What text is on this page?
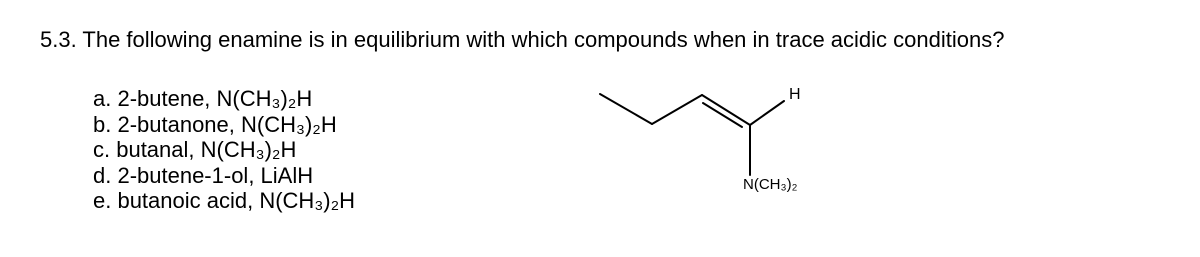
5.3. The following enamine is in equilibrium with which compounds when in trace acidic conditions?
a. 2-butene, N(CH₃)₂H
b. 2-butanone, N(CH₃)₂H
c. butanal, N(CH₃)₂H
d. 2-butene-1-ol, LiAlH
e. butanoic acid, N(CH₃)₂H
H
N(CH₃)₂
